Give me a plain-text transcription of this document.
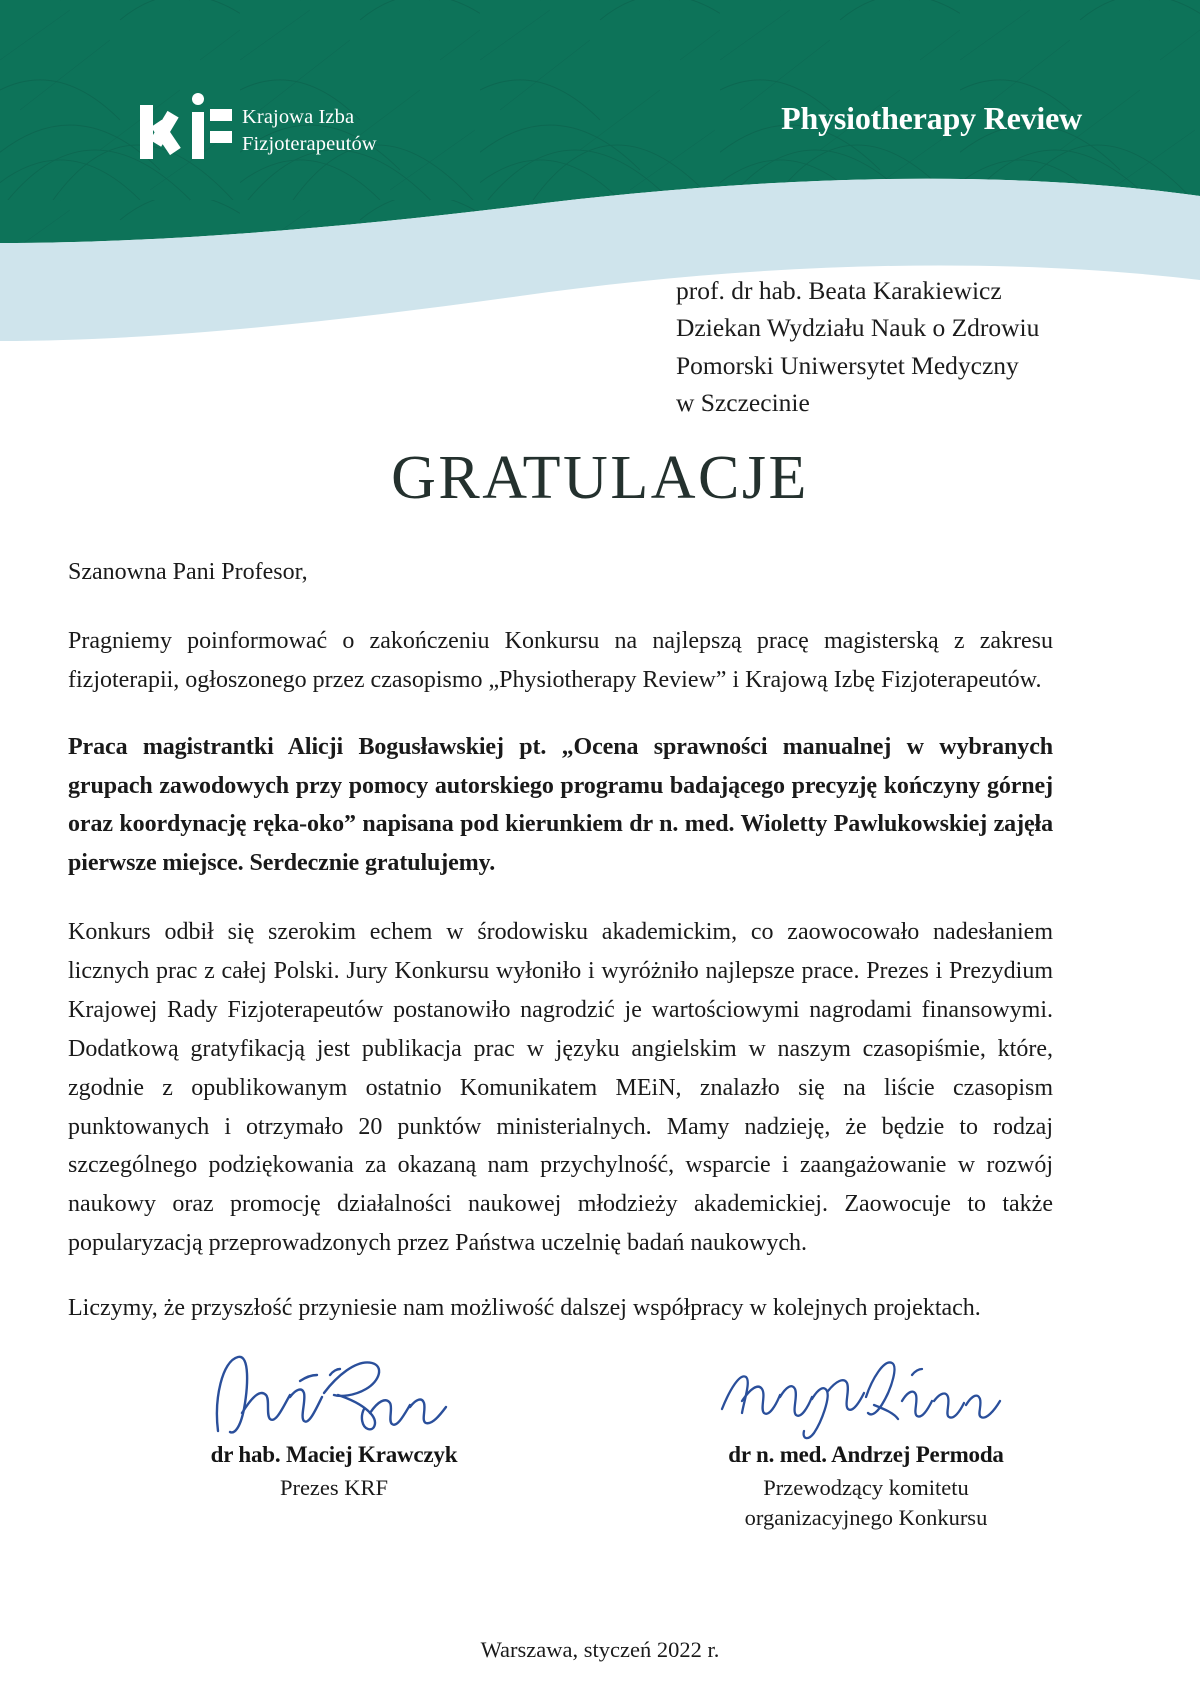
Krajowa Izba
Fizjoterapeutów
Physiotherapy Review
prof. dr hab. Beata Karakiewicz
Dziekan Wydziału Nauk o Zdrowiu
Pomorski Uniwersytet Medyczny
w Szczecinie
GRATULACJE

Szanowna Pani Profesor,

Pragniemy poinformować o zakończeniu Konkursu na najlepszą pracę magisterską z zakresu fizjoterapii, ogłoszonego przez czasopismo „Physiotherapy Review” i Krajową Izbę Fizjoterapeutów.

Praca magistrantki Alicji Bogusławskiej pt. „Ocena sprawności manualnej w wybranych grupach zawodowych przy pomocy autorskiego programu badającego precyzję kończyny górnej oraz koordynację ręka-oko” napisana pod kierunkiem dr n. med. Wioletty Pawlukowskiej zajęła pierwsze miejsce. Serdecznie gratulujemy.

Konkurs odbił się szerokim echem w środowisku akademickim, co zaowocowało nadesłaniem licznych prac z całej Polski. Jury Konkursu wyłoniło i wyróżniło najlepsze prace. Prezes i Prezydium Krajowej Rady Fizjoterapeutów postanowiło nagrodzić je wartościowymi nagrodami finansowymi. Dodatkową gratyfikacją jest publikacja prac w języku angielskim w naszym czasopiśmie, które, zgodnie z opublikowanym ostatnio Komunikatem MEiN, znalazło się na liście czasopism punktowanych i otrzymało 20 punktów ministerialnych. Mamy nadzieję, że będzie to rodzaj szczególnego podziękowania za okazaną nam przychylność, wsparcie i zaangażowanie w rozwój naukowy oraz promocję działalności naukowej młodzieży akademickiej. Zaowocuje to także popularyzacją przeprowadzonych przez Państwa uczelnię badań naukowych.

Liczymy, że przyszłość przyniesie nam możliwość dalszej współpracy w kolejnych projektach.

dr hab. Maciej Krawczyk
Prezes KRF
dr n. med. Andrzej Permoda
Przewodzący komitetu
organizacyjnego Konkursu
Warszawa, styczeń 2022 r.
